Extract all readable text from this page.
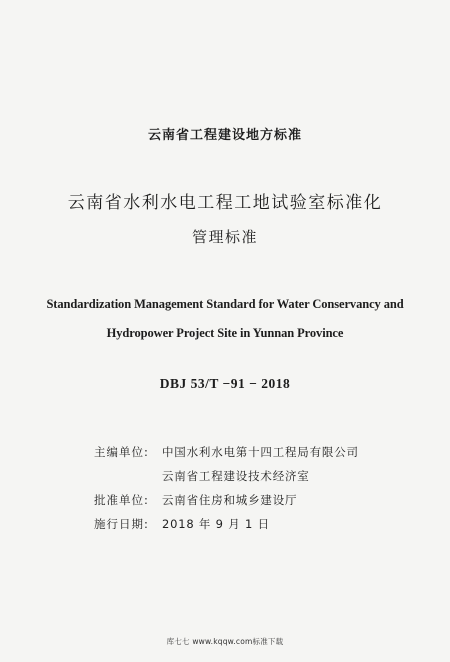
云南省工程建设地方标准
云南省水利水电工程工地试验室标准化
管理标准
Standardization Management Standard for Water Conservancy and
Hydropower Project Site in Yunnan Province
DBJ 53/T −91 − 2018
主编单位: 中国水利水电第十四工程局有限公司
云南省工程建设技术经济室
批准单位: 云南省住房和城乡建设厅
施行日期: 2018 年 9 月 1 日
库七七 www.kqqw.com标准下载
